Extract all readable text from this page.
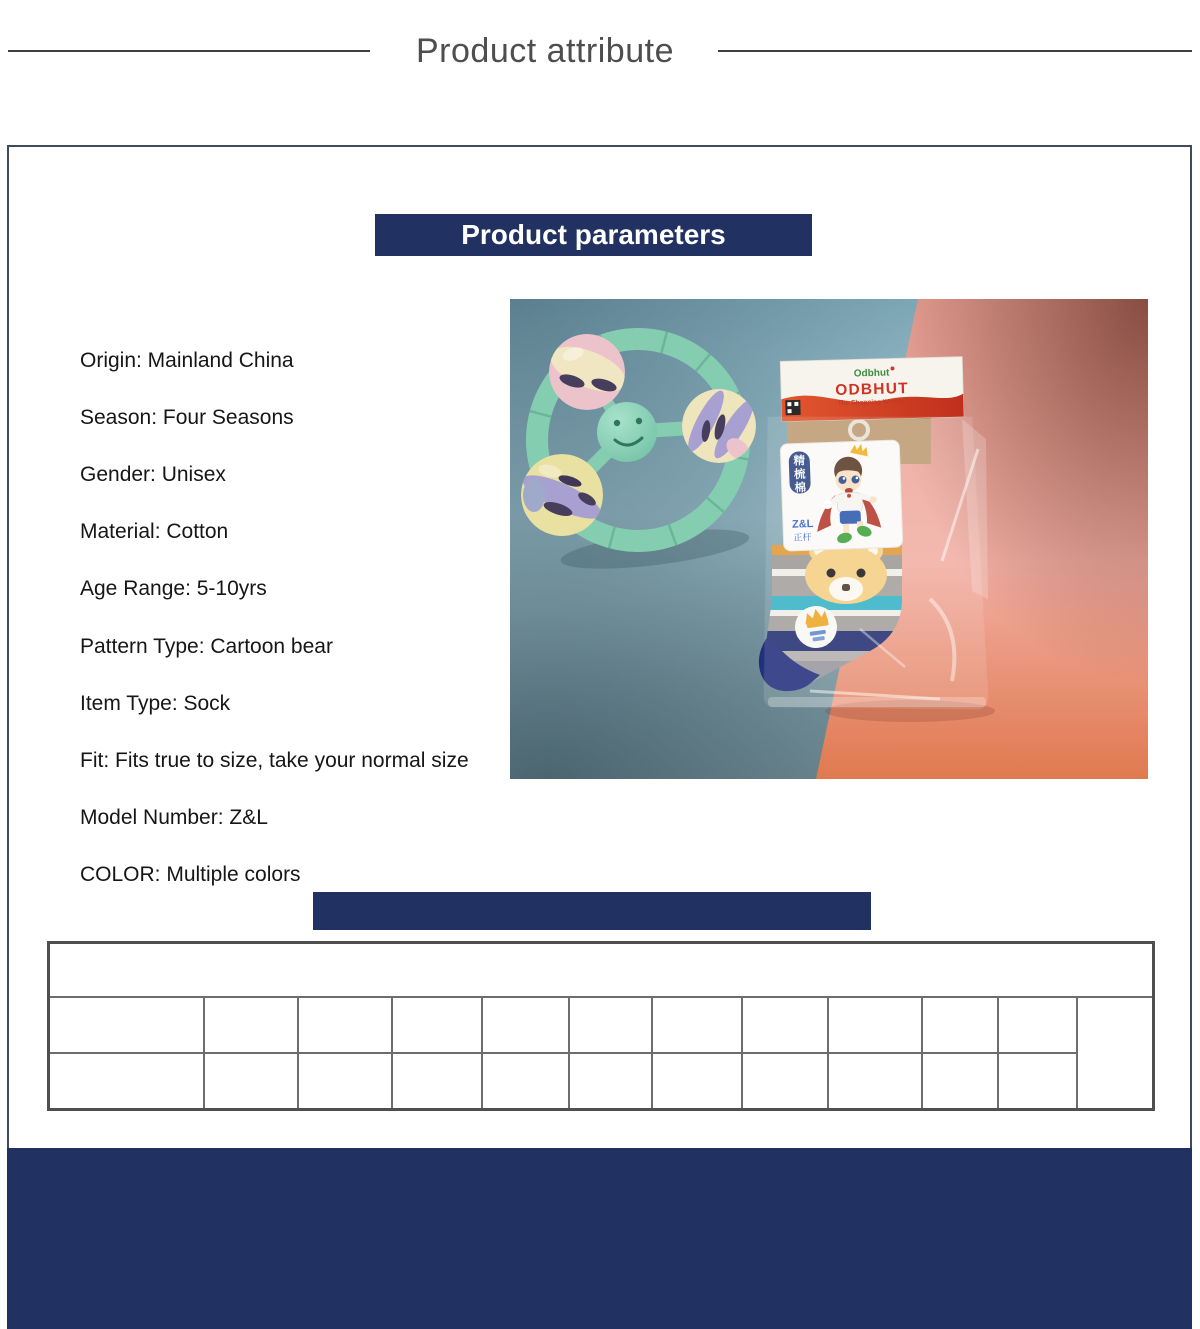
Product attribute
Product parameters
Origin: Mainland China
Season: Four Seasons
Gender: Unisex
Material: Cotton
Age Range: 5-10yrs
Pattern Type: Cartoon bear
Item Type: Sock
Fit: Fits true to size, take your normal size
Model Number: Z&L
COLOR: Multiple colors
Odbhut
ODBHUT
The Shopping Wonder
精
梳
棉
Z&L
正杆
